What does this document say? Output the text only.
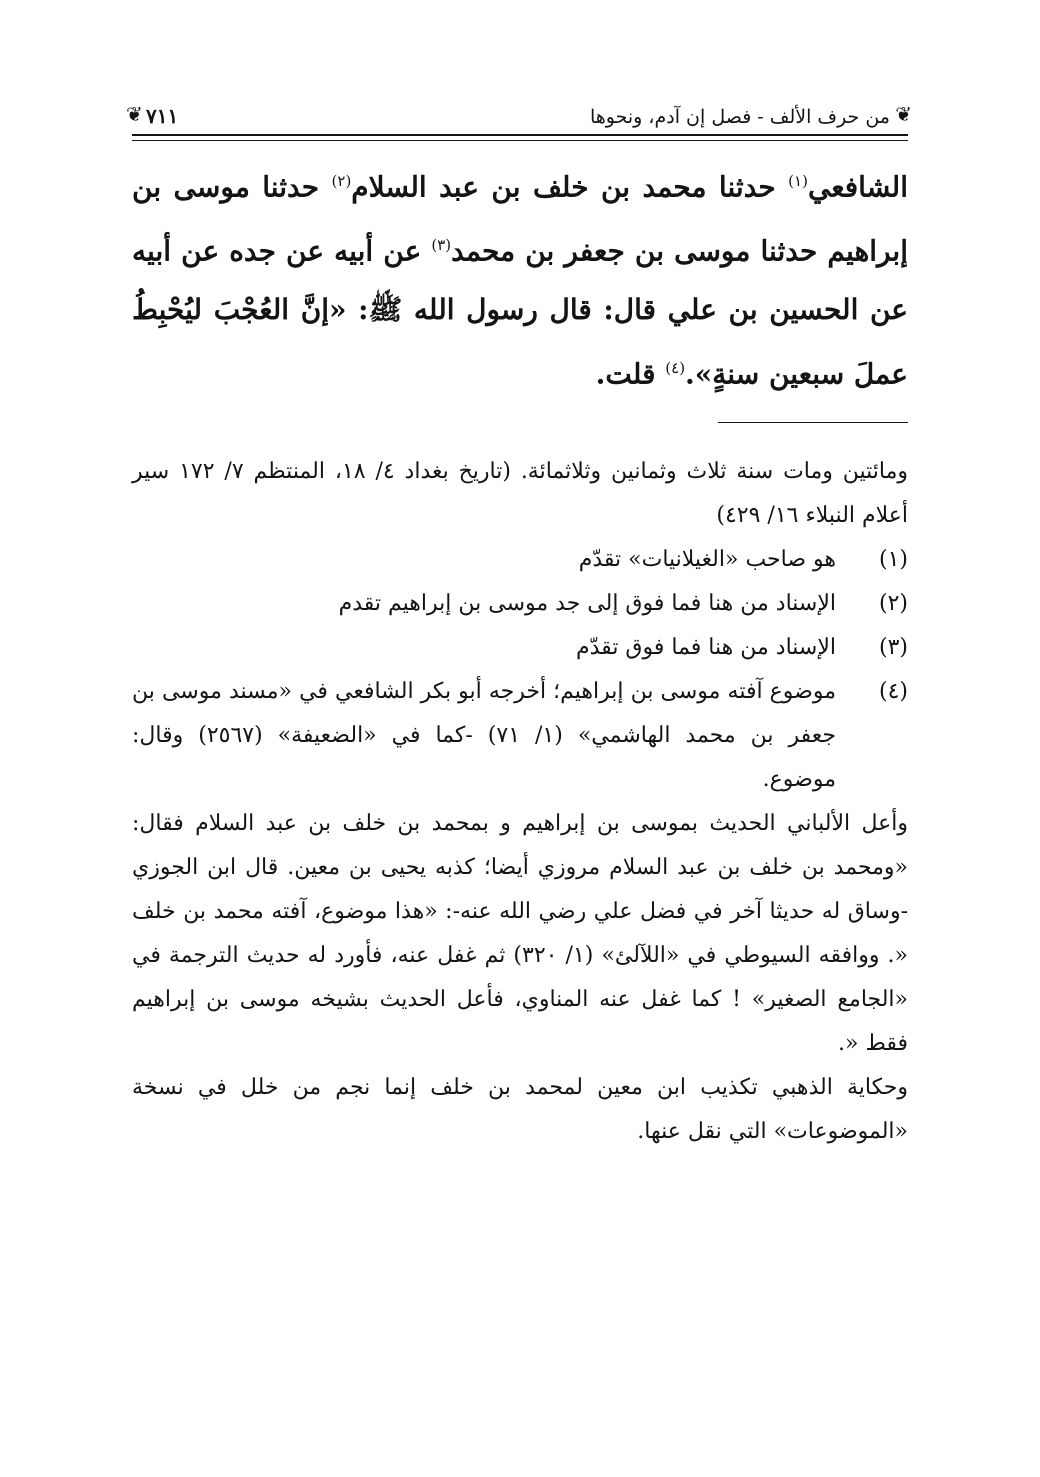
❦
من حرف الألف - فصل إن آدم، ونحوها
٧١١
❦
الشافعي$^{(١)}$ حدثنا محمد بن خلف بن عبد السلام$^{(٢)}$ حدثنا موسى بن إبراهيم حدثنا موسى بن جعفر بن محمد$^{(٣)}$ عن أبيه عن جده عن أبيه عن الحسين بن علي قال: قال رسول الله ﷺ: «إنَّ العُجْبَ ليُحْبِطُ عملَ سبعين سنةٍ».$^{(٤)}$ قلت.

ومائتين ومات سنة ثلاث وثمانين وثلاثمائة. (تاريخ بغداد ٤/ ١٨، المنتظم ٧/ ١٧٢ سير أعلام النبلاء ١٦/ ٤٢٩)

(١)
هو صاحب «الغيلانيات» تقدّم

(٢)
الإسناد من هنا فما فوق إلى جد موسى بن إبراهيم تقدم

(٣)
الإسناد من هنا فما فوق تقدّم

(٤)
موضوع آفته موسى بن إبراهيم؛ أخرجه أبو بكر الشافعي في «مسند موسى بن جعفر بن محمد الهاشمي» (١/ ٧١) -كما في «الضعيفة» (٢٥٦٧) وقال: موضوع.

وأعل الألباني الحديث بموسى بن إبراهيم و بمحمد بن خلف بن عبد السلام فقال: «ومحمد بن خلف بن عبد السلام مروزي أيضا؛ كذبه يحيى بن معين. قال ابن الجوزي -وساق له حديثا آخر في فضل علي رضي الله عنه-: «هذا موضوع، آفته محمد بن خلف «. ووافقه السيوطي في «اللآلئ» (١/ ٣٢٠) ثم غفل عنه، فأورد له حديث الترجمة في «الجامع الصغير» ! كما غفل عنه المناوي، فأعل الحديث بشيخه موسى بن إبراهيم فقط «.

وحكاية الذهبي تكذيب ابن معين لمحمد بن خلف إنما نجم من خلل في نسخة «الموضوعات» التي نقل عنها.
